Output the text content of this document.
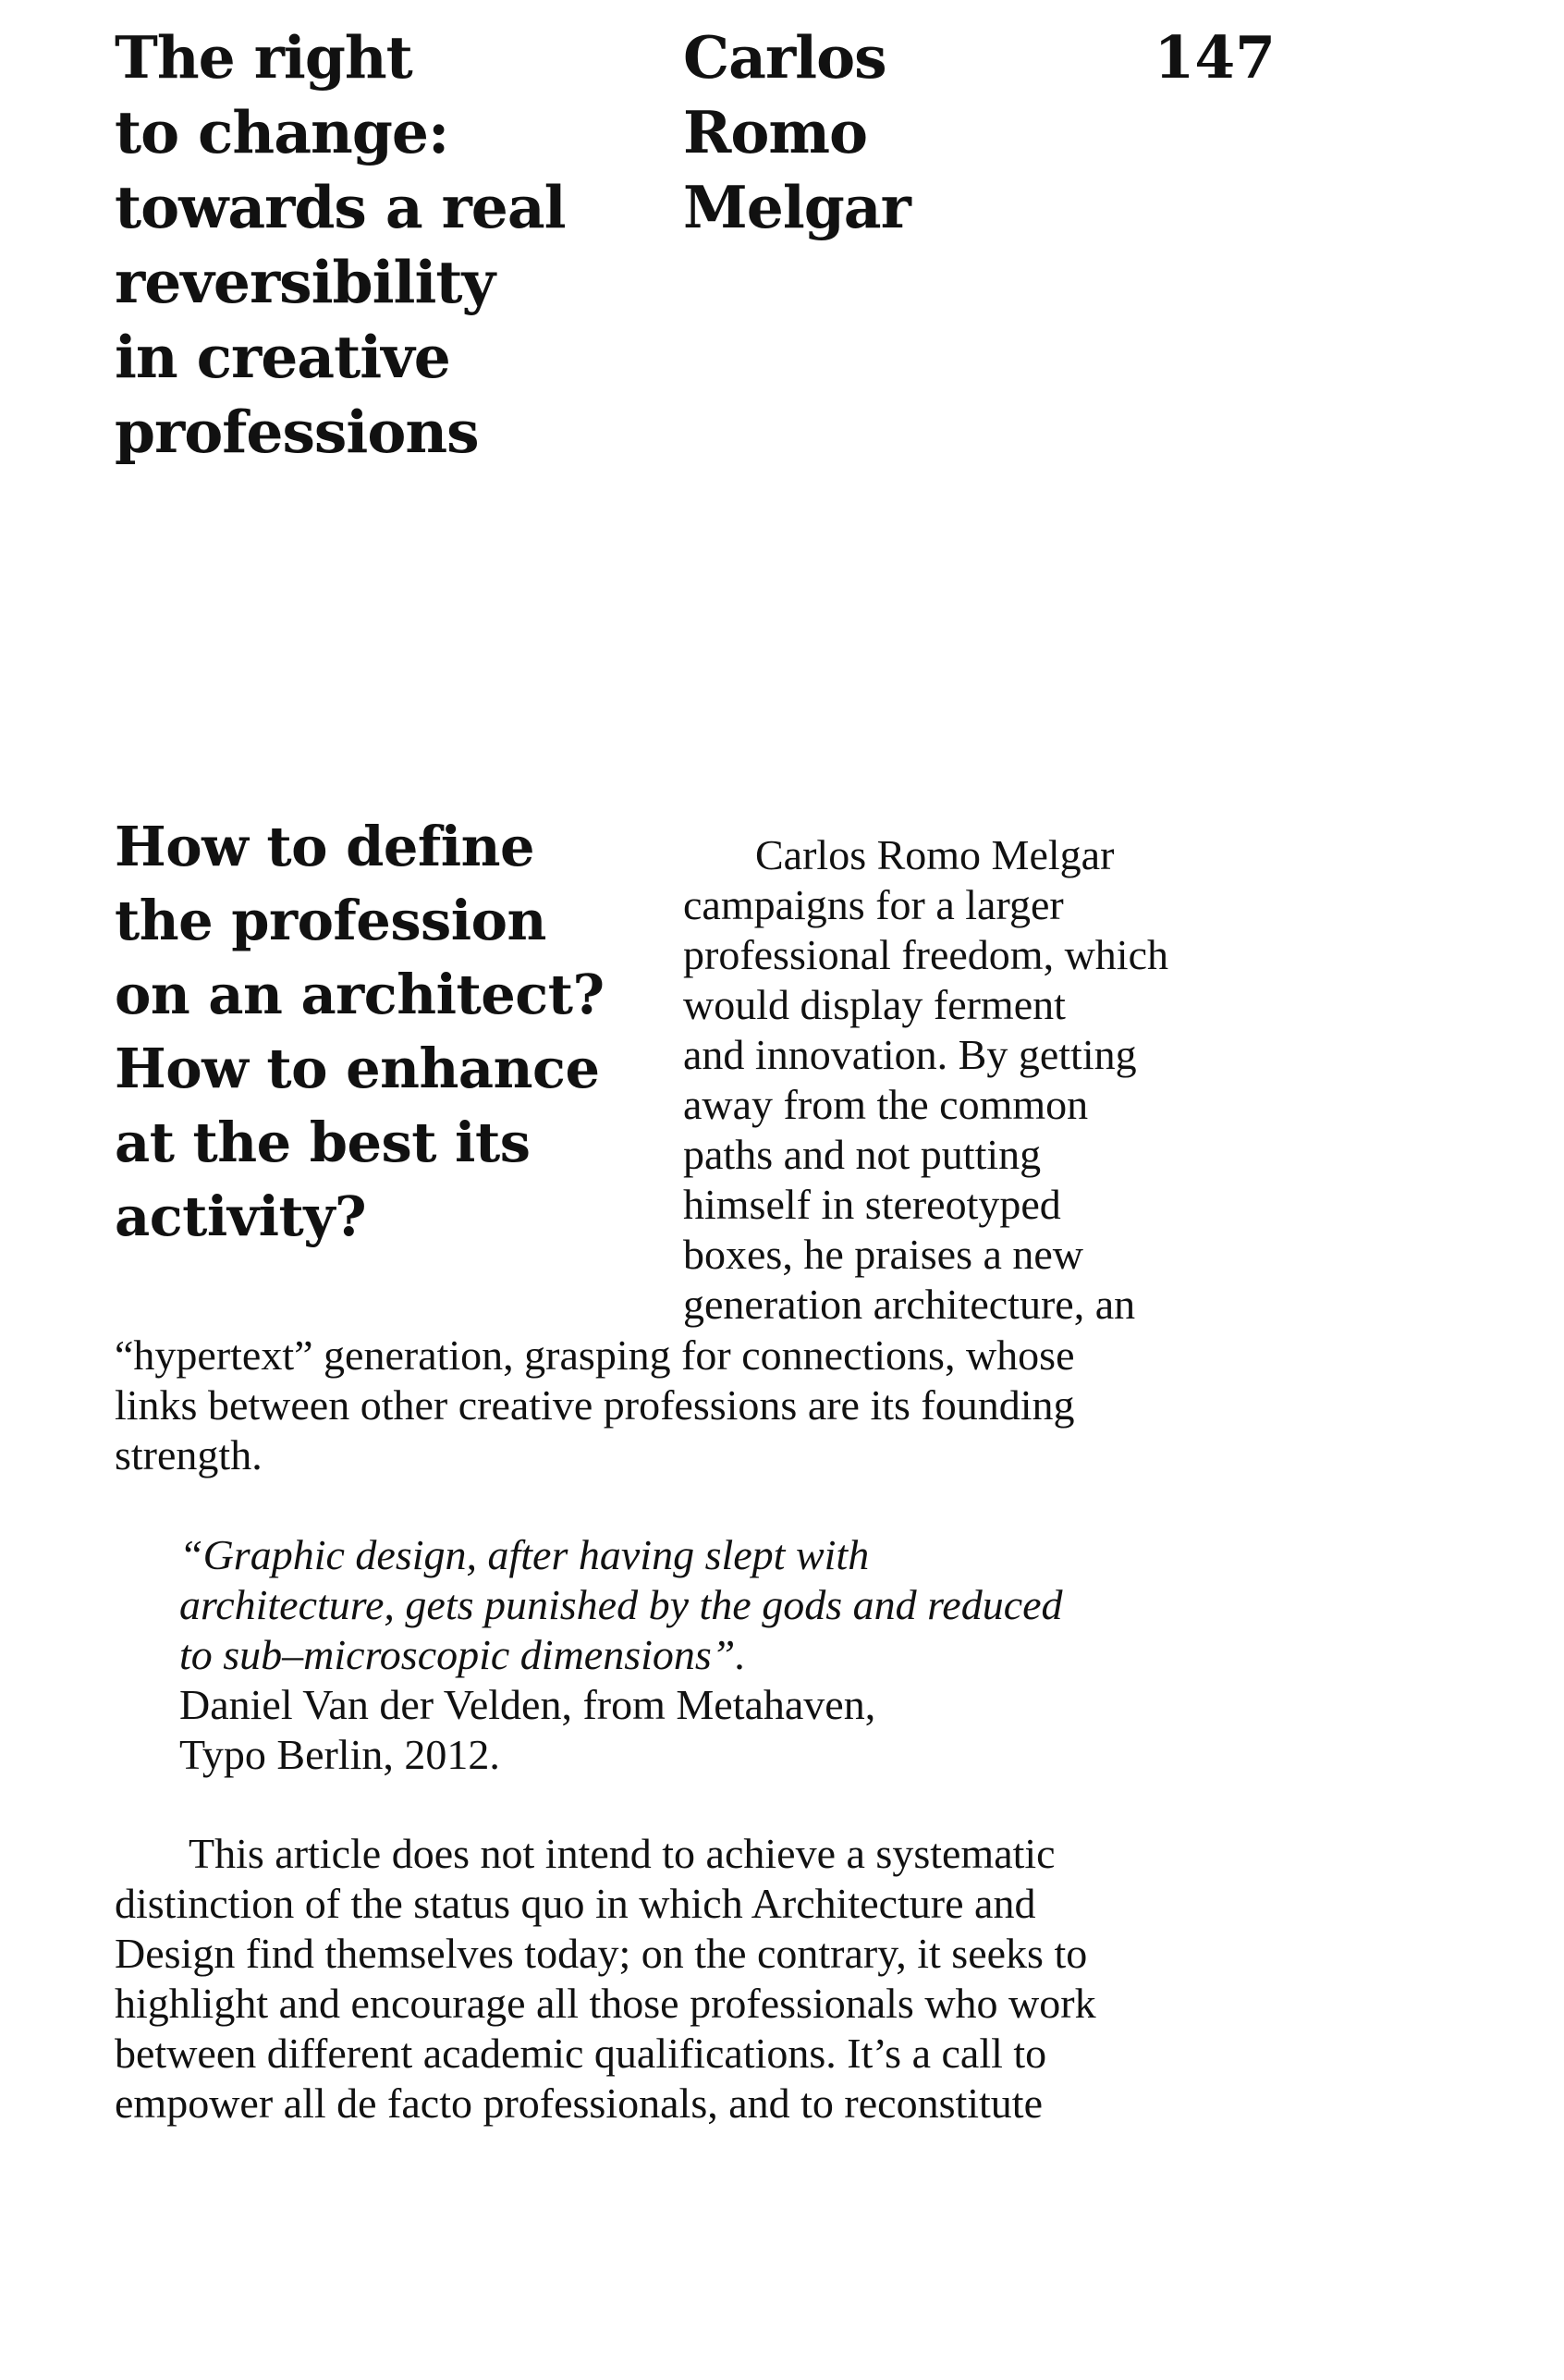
The right
to change:
towards a real
reversibility
in creative
professions
Carlos
Romo
Melgar
147
How to define
the profession
on an architect?
How to enhance
at the best its
activity?
Carlos Romo Melgar
campaigns for a larger
professional freedom, which
would display ferment
and innovation. By getting
away from the common
paths and not putting
himself in stereotyped
boxes, he praises a new
generation architecture, an
“hypertext” generation, grasping for connections, whose
links between other creative professions are its founding
strength.
“Graphic design, after having slept with
architecture, gets punished by the gods and reduced
to sub–microscopic dimensions”.
Daniel Van der Velden, from Metahaven,
Typo Berlin, 2012.
This article does not intend to achieve a systematic
distinction of the status quo in which Architecture and
Design find themselves today; on the contrary, it seeks to
highlight and encourage all those professionals who work
between different academic qualifications. It’s a call to
empower all de facto professionals, and to reconstitute
